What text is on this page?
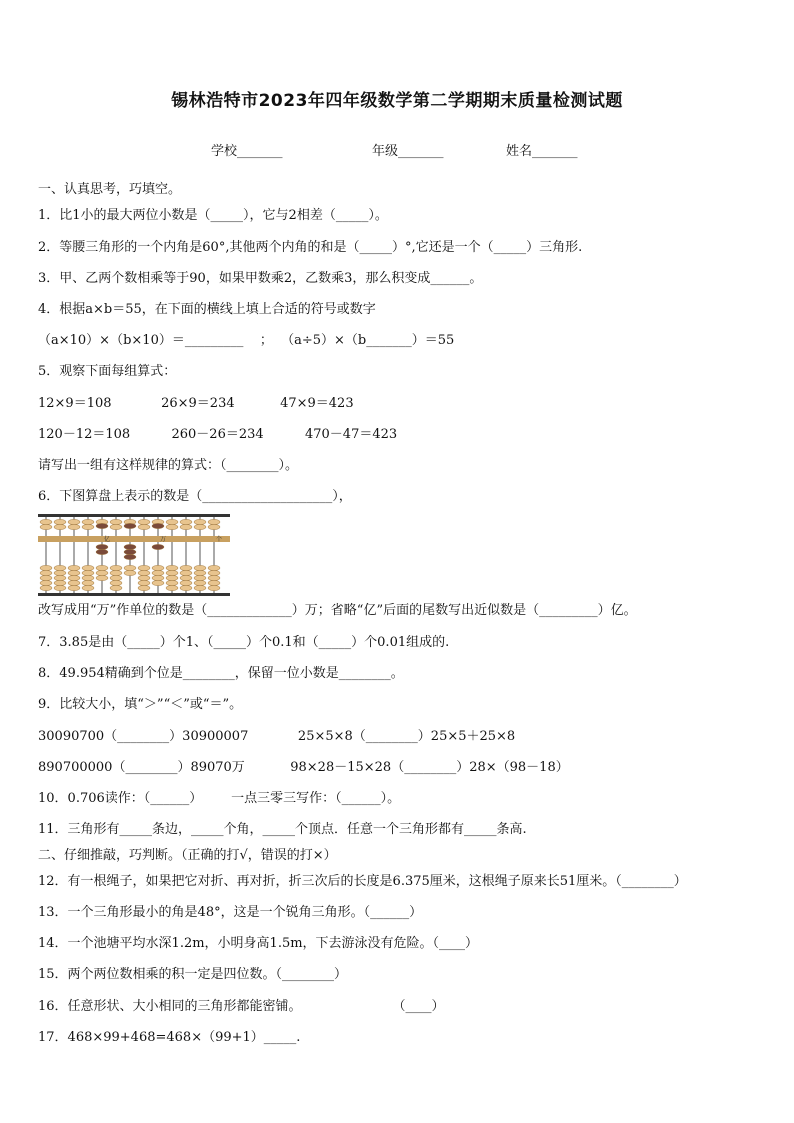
锡林浩特市2023年四年级数学第二学期期末质量检测试题
学校_______	年级_______	姓名_______
一、认真思考，巧填空。
1．比1小的最大两位小数是（_____），它与2相差（_____）。
2．等腰三角形的一个内角是60°,其他两个内角的和是（_____）°,它还是一个（_____）三角形.
3．甲、乙两个数相乘等于90，如果甲数乘2，乙数乘3，那么积变成______。
4．根据a×b＝55，在下面的横线上填上合适的符号或数字
（a×10）×（b×10）＝_________    ；  （a÷5）×（b_______）＝55
5．观察下面每组算式：
12×9＝108            26×9＝234           47×9＝423
120－12＝108          260－26＝234          470－47＝423
请写出一组有这样规律的算式：（________）。
6．下图算盘上表示的数是（____________________），
亿	万	个
改写成用“万”作单位的数是（_____________）万；省略“亿”后面的尾数写出近似数是（_________）亿。
7．3.85是由（_____）个1、（_____）个0.1和（_____）个0.01组成的.
8．49.954精确到个位是________，保留一位小数是________。
9．比较大小，填“＞”“＜”或“＝”。
30090700（________）30900007            25×5×8（________）25×5＋25×8
890700000（________）89070万           98×28－15×28（________）28×（98－18）
10．0.706读作：（______）       一点三零三写作：（______）。
11．三角形有_____条边，_____个角，_____个顶点．任意一个三角形都有_____条高.
二、仔细推敲，巧判断。（正确的打√，错误的打×）
12．有一根绳子，如果把它对折、再对折，折三次后的长度是6.375厘米，这根绳子原来长51厘米。（________）
13．一个三角形最小的角是48°，这是一个锐角三角形。（______）
14．一个池塘平均水深1.2m，小明身高1.5m，下去游泳没有危险。（____）
15．两个两位数相乘的积一定是四位数。（________）
16．任意形状、大小相同的三角形都能密铺。                      （____）
17．468×99+468=468×（99+1）_____.
